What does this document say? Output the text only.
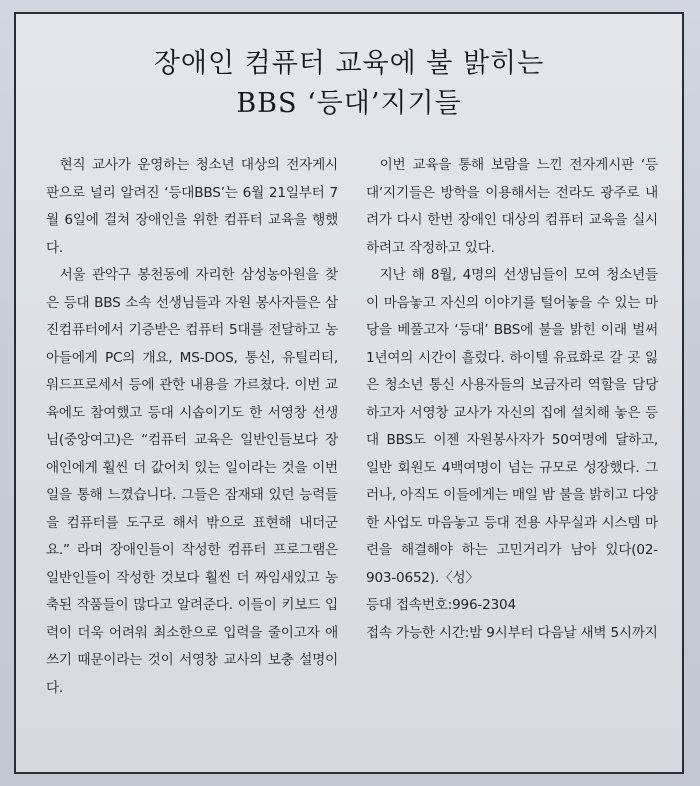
장애인 컴퓨터 교육에 불 밝히는
BBS ‘등대’지기들

현직 교사가 운영하는 청소년 대상의 전자게시판으로 널리 알려진 ‘등대BBS’는 6월 21일부터 7월 6일에 걸쳐 장애인을 위한 컴퓨터 교육을 행했다.

서울 관악구 봉천동에 자리한 삼성농아원을 찾은 등대 BBS 소속 선생님들과 자원 봉사자들은 삼진컴퓨터에서 기증받은 컴퓨터 5대를 전달하고 농아들에게 PC의 개요, MS-DOS, 통신, 유틸리티, 워드프로세서 등에 관한 내용을 가르쳤다. 이번 교육에도 참여했고 등대 시솝이기도 한 서영창 선생님(중앙여고)은 “컴퓨터 교육은 일반인들보다 장애인에게 훨씬 더 값어치 있는 일이라는 것을 이번 일을 통해 느꼈습니다. 그들은 잠재돼 있던 능력들을 컴퓨터를 도구로 해서 밖으로 표현해 내더군요.” 라며 장애인들이 작성한 컴퓨터 프로그램은 일반인들이 작성한 것보다 훨씬 더 짜임새있고 농축된 작품들이 많다고 알려준다. 이들이 키보드 입력이 더욱 어려워 최소한으로 입력을 줄이고자 애쓰기 때문이라는 것이 서영창 교사의 보충 설명이다.

이번 교육을 통해 보람을 느낀 전자게시판 ‘등대’지기들은 방학을 이용해서는 전라도 광주로 내려가 다시 한번 장애인 대상의 컴퓨터 교육을 실시하려고 작정하고 있다.

지난 해 8월, 4명의 선생님들이 모여 청소년들이 마음놓고 자신의 이야기를 털어놓을 수 있는 마당을 베풀고자 ‘등대’ BBS에 불을 밝힌 이래 벌써 1년여의 시간이 흘렀다. 하이텔 유료화로 갈 곳 잃은 청소년 통신 사용자들의 보금자리 역할을 담당하고자 서영창 교사가 자신의 집에 설치해 놓은 등대 BBS도 이젠 자원봉사자가 50여명에 달하고, 일반 회원도 4백여명이 넘는 규모로 성장했다. 그러나, 아직도 이들에게는 매일 밤 불을 밝히고 다양한 사업도 마음놓고 등대 전용 사무실과 시스템 마련을 해결해야 하는 고민거리가 남아 있다(02-903-0652).〈성〉

등대 접속번호:996-2304

접속 가능한 시간:밤 9시부터 다음날 새벽 5시까지
